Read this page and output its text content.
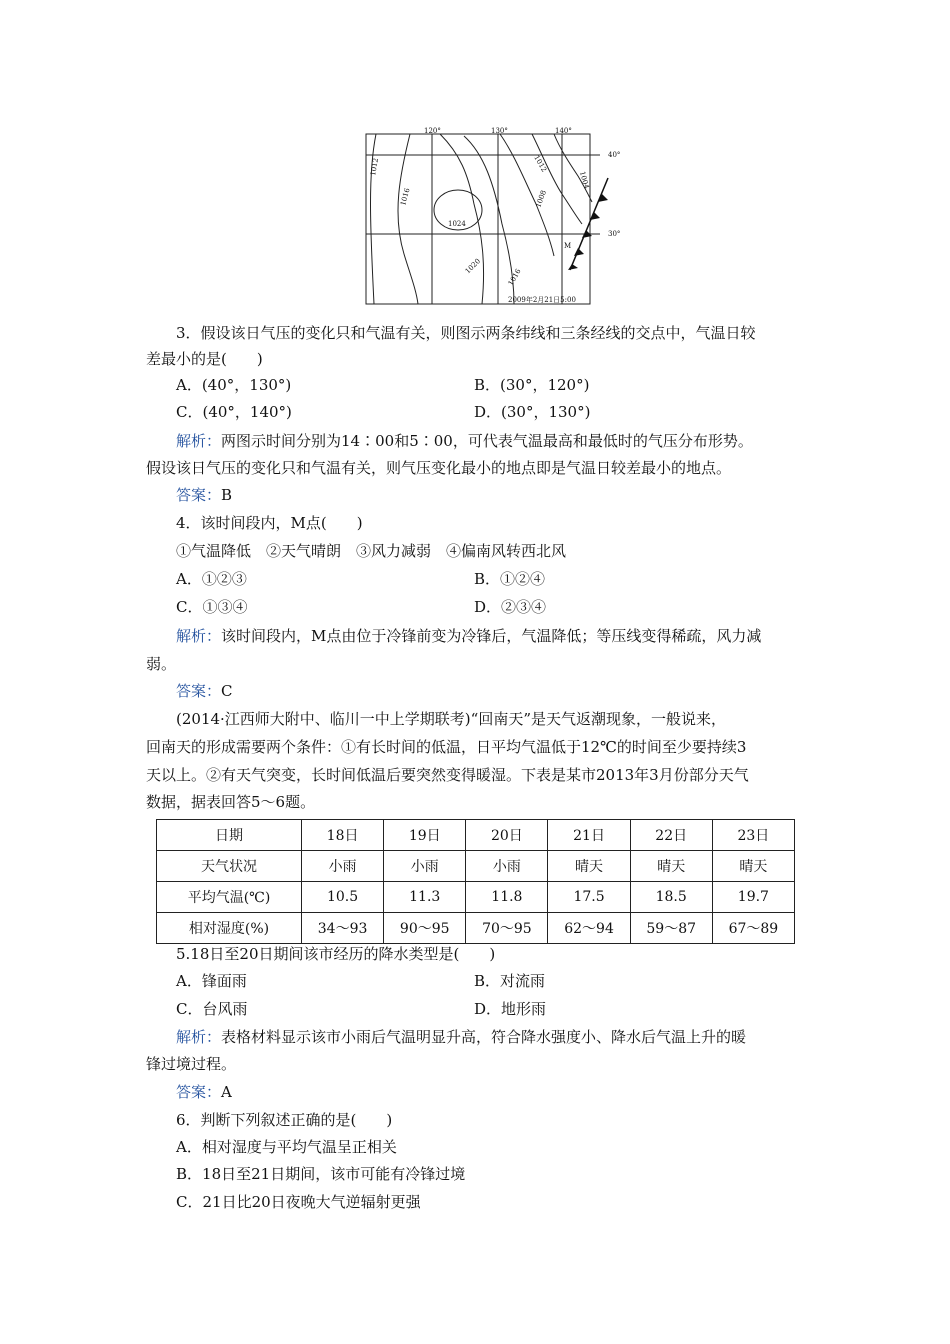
120°	130°	140°
40°
30°
1012
1016
1024
1020
1016
1012
1008
1004
M
2009年2月21日5:00
3．假设该日气压的变化只和气温有关，则图示两条纬线和三条经线的交点中，气温日较
差最小的是(　　)
A．(40°，130°)	B．(30°，120°)
C．(40°，140°)	D．(30°，130°)
解析：两图示时间分别为14∶00和5∶00，可代表气温最高和最低时的气压分布形势。
假设该日气压的变化只和气温有关，则气压变化最小的地点即是气温日较差最小的地点。
答案：B
4．该时间段内，M点(　　)
①气温降低　②天气晴朗　③风力减弱　④偏南风转西北风
A．①②③	B．①②④
C．①③④	D．②③④
解析：该时间段内，M点由位于冷锋前变为冷锋后，气温降低；等压线变得稀疏，风力减
弱。
答案：C
(2014·江西师大附中、临川一中上学期联考)“回南天”是天气返潮现象，一般说来，
回南天的形成需要两个条件：①有长时间的低温，日平均气温低于12℃的时间至少要持续3
天以上。②有天气突变，长时间低温后要突然变得暖湿。下表是某市2013年3月份部分天气
数据，据表回答5～6题。
日期	18日	19日	20日	21日	22日	23日
天气状况	小雨	小雨	小雨	晴天	晴天	晴天
平均气温(℃)	10.5	11.3	11.8	17.5	18.5	19.7
相对湿度(%)	34～93	90～95	70～95	62～94	59～87	67～89
5.18日至20日期间该市经历的降水类型是(　　)
A．锋面雨	B．对流雨
C．台风雨	D．地形雨
解析：表格材料显示该市小雨后气温明显升高，符合降水强度小、降水后气温上升的暖
锋过境过程。
答案：A
6．判断下列叙述正确的是(　　)
A．相对湿度与平均气温呈正相关
B．18日至21日期间，该市可能有冷锋过境
C．21日比20日夜晚大气逆辐射更强
